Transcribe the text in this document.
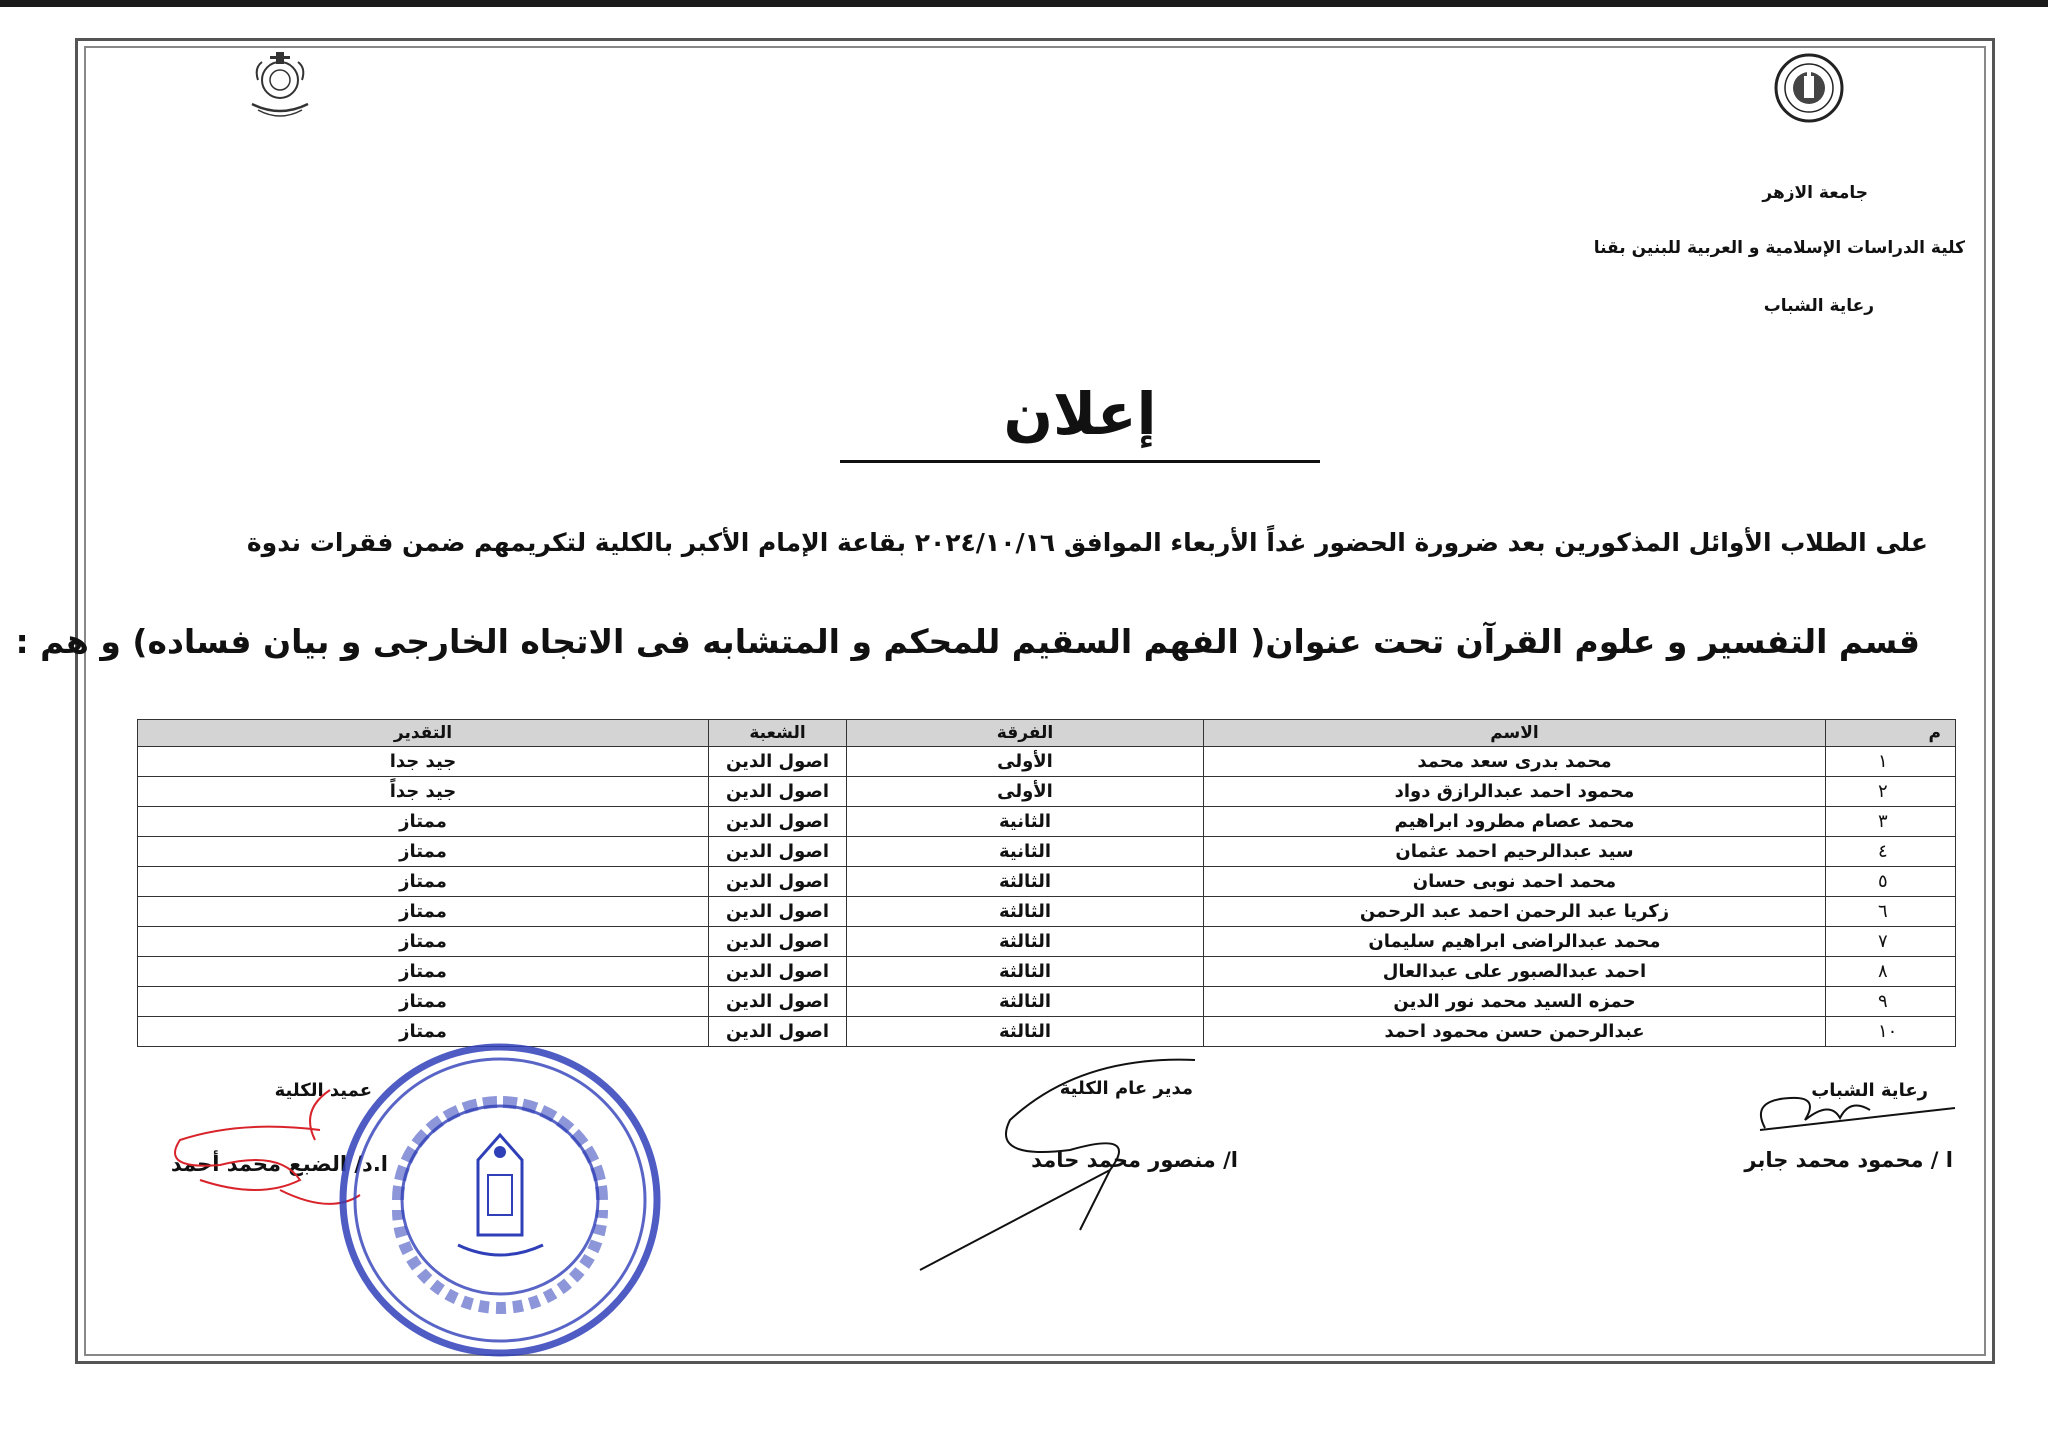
جامعة الازهر
كلية الدراسات الإسلامية و العربية للبنين بقنا
رعاية الشباب
إعلان
على الطلاب الأوائل المذكورين بعد ضرورة الحضور غداً الأربعاء الموافق ٢٠٢٤/١٠/١٦ بقاعة الإمام الأكبر بالكلية لتكريمهم ضمن فقرات ندوة
قسم التفسير و علوم القرآن تحت عنوان( الفهم السقيم للمحكم و المتشابه فى الاتجاه الخارجى و بيان فساده) و هم :
م	الاسم	الفرقة	الشعبة	التقدير
١	محمد بدرى سعد محمد	الأولى	اصول الدين	جيد جدا
٢	محمود احمد عبدالرازق دواد	الأولى	اصول الدين	جيد جداً
٣	محمد عصام مطرود ابراهيم	الثانية	اصول الدين	ممتاز
٤	سيد عبدالرحيم احمد عثمان	الثانية	اصول الدين	ممتاز
٥	محمد احمد نوبى حسان	الثالثة	اصول الدين	ممتاز
٦	زكريا عبد الرحمن احمد عبد الرحمن	الثالثة	اصول الدين	ممتاز
٧	محمد عبدالراضى ابراهيم سليمان	الثالثة	اصول الدين	ممتاز
٨	احمد عبدالصبور على عبدالعال	الثالثة	اصول الدين	ممتاز
٩	حمزه السيد محمد نور الدين	الثالثة	اصول الدين	ممتاز
١٠	عبدالرحمن حسن محمود احمد	الثالثة	اصول الدين	ممتاز
رعاية الشباب
ا / محمود محمد جابر
مدير عام الكلية
ا/ منصور محمد حامد
عميد الكلية
ا.د/ الضبع محمد أحمد
